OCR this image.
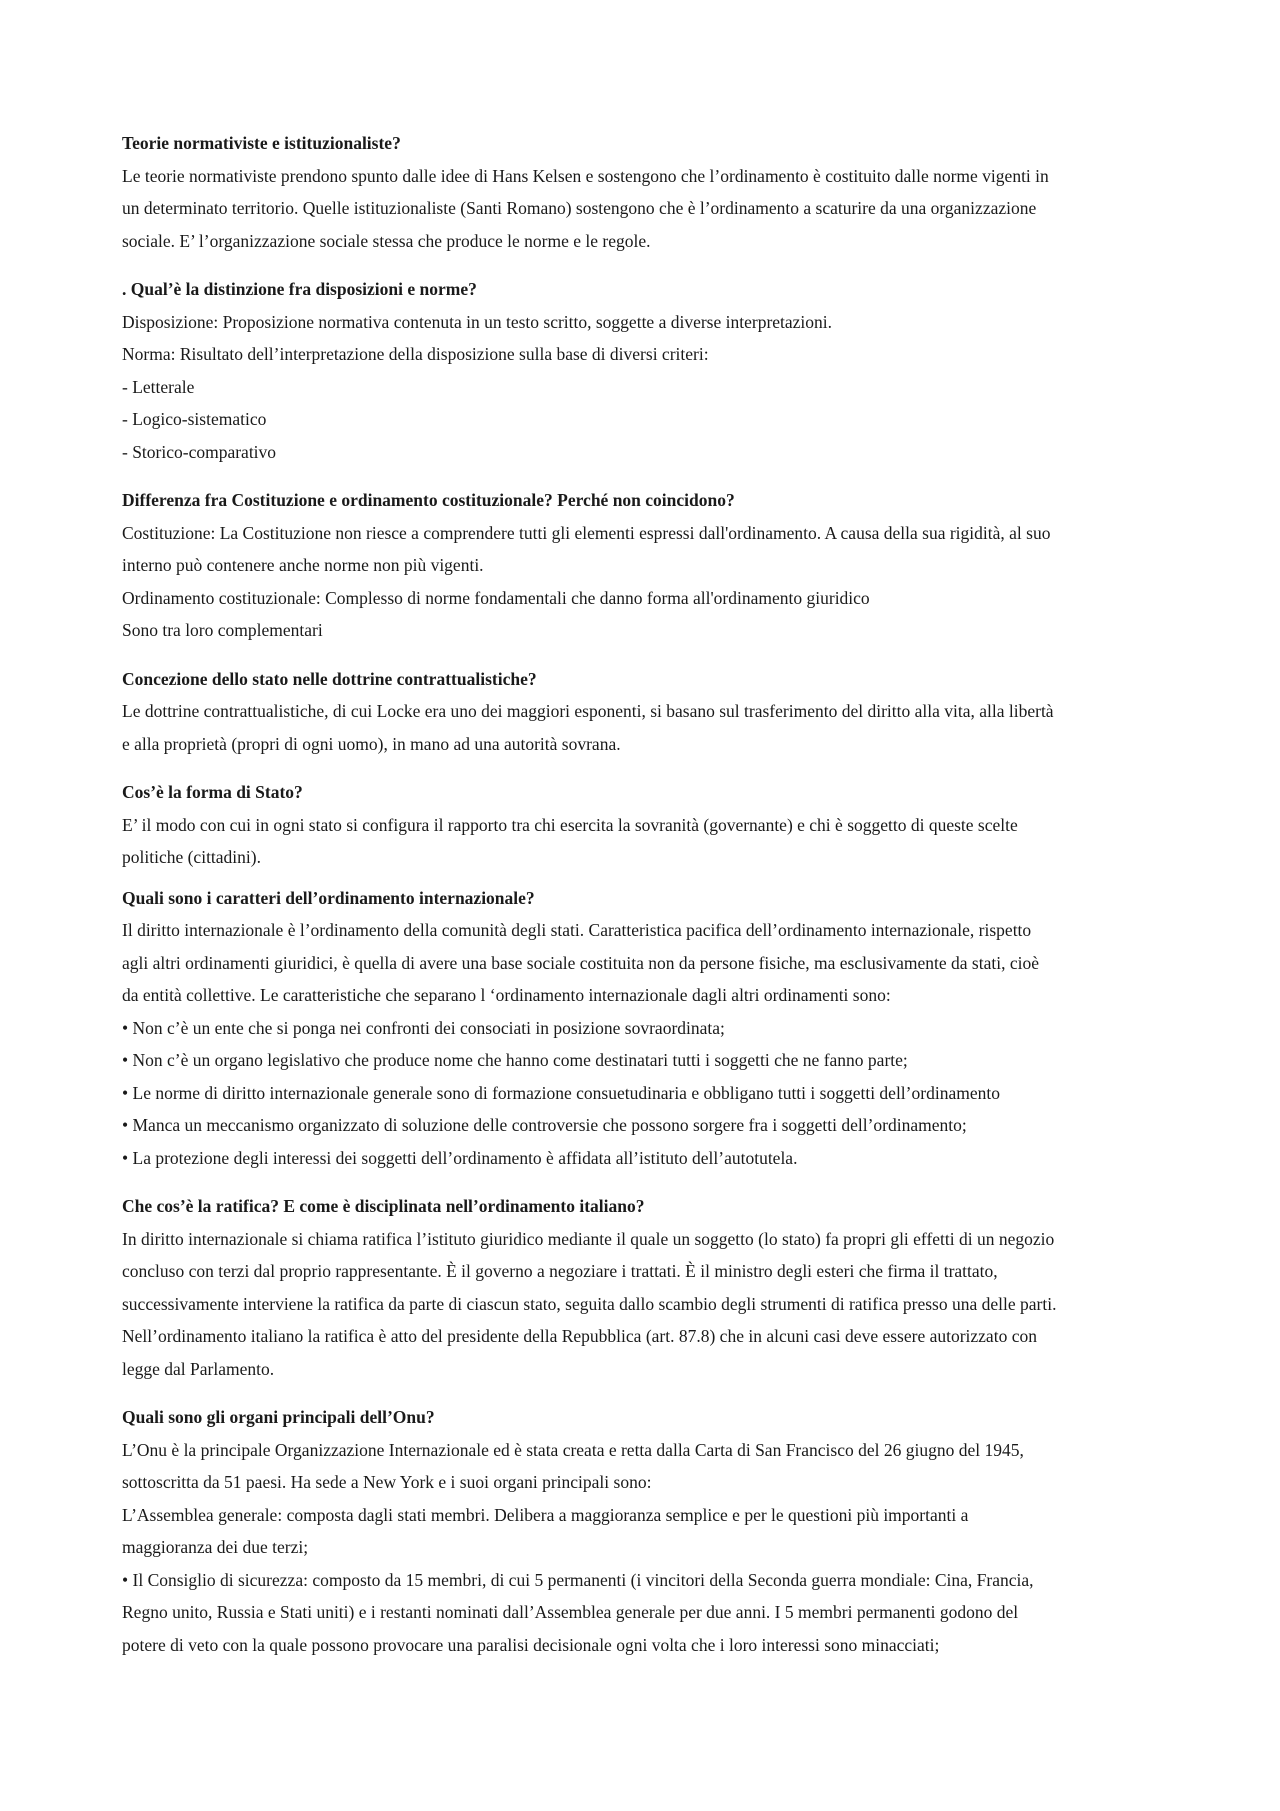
Teorie normativiste e istituzionaliste?

Le teorie normativiste prendono spunto dalle idee di Hans Kelsen e sostengono che l’ordinamento è costituito dalle norme vigenti in

un determinato territorio. Quelle istituzionaliste (Santi Romano) sostengono che è l’ordinamento a scaturire da una organizzazione

sociale. E’ l’organizzazione sociale stessa che produce le norme e le regole.

. Qual’è la distinzione fra disposizioni e norme?

Disposizione: Proposizione normativa contenuta in un testo scritto, soggette a diverse interpretazioni.

Norma: Risultato dell’interpretazione della disposizione sulla base di diversi criteri:

- Letterale

- Logico-sistematico

- Storico-comparativo

Differenza fra Costituzione e ordinamento costituzionale? Perché non coincidono?

Costituzione: La Costituzione non riesce a comprendere tutti gli elementi espressi dall'ordinamento. A causa della sua rigidità, al suo

interno può contenere anche norme non più vigenti.

Ordinamento costituzionale: Complesso di norme fondamentali che danno forma all'ordinamento giuridico

Sono tra loro complementari

Concezione dello stato nelle dottrine contrattualistiche?

Le dottrine contrattualistiche, di cui Locke era uno dei maggiori esponenti, si basano sul trasferimento del diritto alla vita, alla libertà

e alla proprietà (propri di ogni uomo), in mano ad una autorità sovrana.

Cos’è la forma di Stato?

E’ il modo con cui in ogni stato si configura il rapporto tra chi esercita la sovranità (governante) e chi è soggetto di queste scelte

politiche (cittadini).

Quali sono i caratteri dell’ordinamento internazionale?

Il diritto internazionale è l’ordinamento della comunità degli stati. Caratteristica pacifica dell’ordinamento internazionale, rispetto

agli altri ordinamenti giuridici, è quella di avere una base sociale costituita non da persone fisiche, ma esclusivamente da stati, cioè

da entità collettive. Le caratteristiche che separano l ‘ordinamento internazionale dagli altri ordinamenti sono:

• Non c’è un ente che si ponga nei confronti dei consociati in posizione sovraordinata;

• Non c’è un organo legislativo che produce nome che hanno come destinatari tutti i soggetti che ne fanno parte;

• Le norme di diritto internazionale generale sono di formazione consuetudinaria e obbligano tutti i soggetti dell’ordinamento

• Manca un meccanismo organizzato di soluzione delle controversie che possono sorgere fra i soggetti dell’ordinamento;

• La protezione degli interessi dei soggetti dell’ordinamento è affidata all’istituto dell’autotutela.

Che cos’è la ratifica? E come è disciplinata nell’ordinamento italiano?

In diritto internazionale si chiama ratifica l’istituto giuridico mediante il quale un soggetto (lo stato) fa propri gli effetti di un negozio

concluso con terzi dal proprio rappresentante. È il governo a negoziare i trattati. È il ministro degli esteri che firma il trattato,

successivamente interviene la ratifica da parte di ciascun stato, seguita dallo scambio degli strumenti di ratifica presso una delle parti.

Nell’ordinamento italiano la ratifica è atto del presidente della Repubblica (art. 87.8) che in alcuni casi deve essere autorizzato con

legge dal Parlamento.

Quali sono gli organi principali dell’Onu?

L’Onu è la principale Organizzazione Internazionale ed è stata creata e retta dalla Carta di San Francisco del 26 giugno del 1945,

sottoscritta da 51 paesi. Ha sede a New York e i suoi organi principali sono:

L’Assemblea generale: composta dagli stati membri. Delibera a maggioranza semplice e per le questioni più importanti a

maggioranza dei due terzi;

• Il Consiglio di sicurezza: composto da 15 membri, di cui 5 permanenti (i vincitori della Seconda guerra mondiale: Cina, Francia,

Regno unito, Russia e Stati uniti) e i restanti nominati dall’Assemblea generale per due anni. I 5 membri permanenti godono del

potere di veto con la quale possono provocare una paralisi decisionale ogni volta che i loro interessi sono minacciati;
